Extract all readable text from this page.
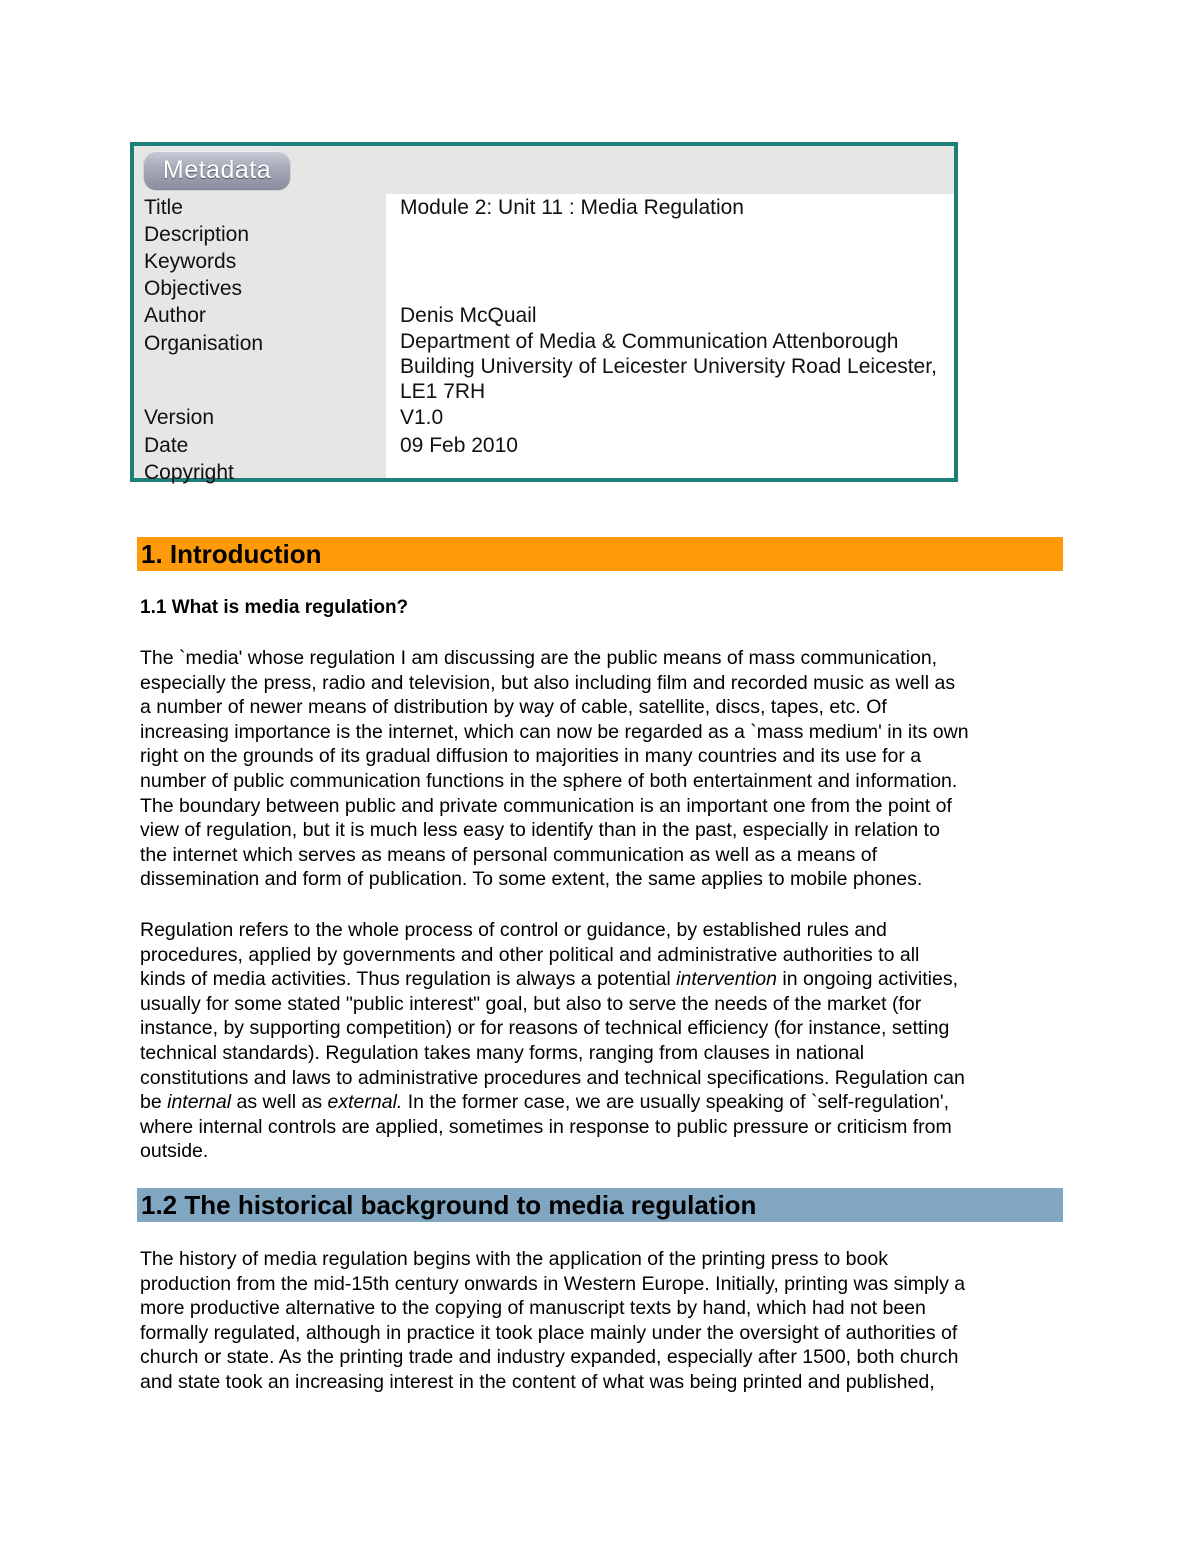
Metadata
Title	Module 2: Unit 11 : Media Regulation
Description
Keywords
Objectives
Author	Denis McQuail
Organisation	Department of Media & Communication Attenborough
Building University of Leicester University Road Leicester,
LE1 7RH
Version	V1.0
Date	09 Feb 2010
Copyright
1. Introduction
1.1 What is media regulation?
The `media' whose regulation I am discussing are the public means of mass communication,
especially the press, radio and television, but also including film and recorded music as well as
a number of newer means of distribution by way of cable, satellite, discs, tapes, etc. Of
increasing importance is the internet, which can now be regarded as a `mass medium' in its own
right on the grounds of its gradual diffusion to majorities in many countries and its use for a
number of public communication functions in the sphere of both entertainment and information.
The boundary between public and private communication is an important one from the point of
view of regulation, but it is much less easy to identify than in the past, especially in relation to
the internet which serves as means of personal communication as well as a means of
dissemination and form of publication. To some extent, the same applies to mobile phones.
Regulation refers to the whole process of control or guidance, by established rules and
procedures, applied by governments and other political and administrative authorities to all
kinds of media activities. Thus regulation is always a potential intervention in ongoing activities,
usually for some stated "public interest" goal, but also to serve the needs of the market (for
instance, by supporting competition) or for reasons of technical efficiency (for instance, setting
technical standards). Regulation takes many forms, ranging from clauses in national
constitutions and laws to administrative procedures and technical specifications. Regulation can
be internal as well as external. In the former case, we are usually speaking of `self-regulation',
where internal controls are applied, sometimes in response to public pressure or criticism from
outside.
1.2 The historical background to media regulation
The history of media regulation begins with the application of the printing press to book
production from the mid-15th century onwards in Western Europe. Initially, printing was simply a
more productive alternative to the copying of manuscript texts by hand, which had not been
formally regulated, although in practice it took place mainly under the oversight of authorities of
church or state. As the printing trade and industry expanded, especially after 1500, both church
and state took an increasing interest in the content of what was being printed and published,
